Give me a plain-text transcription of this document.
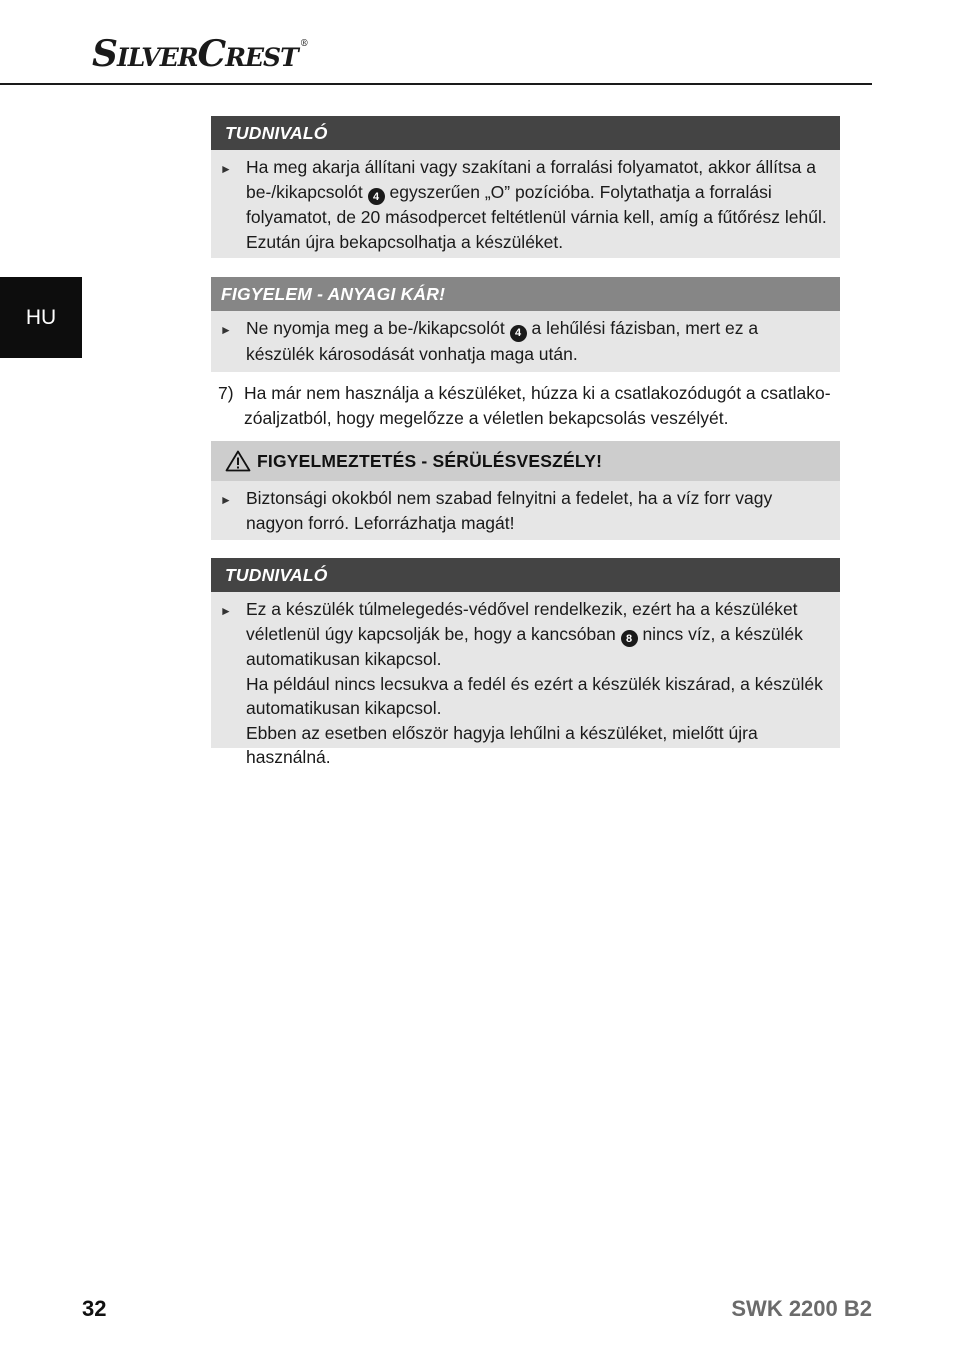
SILVERCREST ®
HU
TUDNIVALÓ
► Ha meg akarja állítani vagy szakítani a forralási folyamatot, akkor állítsa a be-/kikapcsolót 4 egyszerűen „O” pozícióba. Folytathatja a forralási folyamatot, de 20 másodpercet feltétlenül várnia kell, amíg a fűtőrész lehűl. Ezután újra bekapcsolhatja a készüléket.

FIGYELEM - ANYAGI KÁR!
► Ne nyomja meg a be-/kikapcsolót 4 a lehűlési fázisban, mert ez a készülék károsodását vonhatja maga után.

7) Ha már nem használja a készüléket, húzza ki a csatlakozódugót a csatlako-zóaljzatból, hogy megelőzze a véletlen bekapcsolás veszélyét.
FIGYELMEZTETÉS - SÉRÜLÉSVESZÉLY!
► Biztonsági okokból nem szabad felnyitni a fedelet, ha a víz forr vagy nagyon forró. Leforrázhatja magát!

TUDNIVALÓ
► Ez a készülék túlmelegedés-védővel rendelkezik, ezért ha a készüléket véletlenül úgy kapcsolják be, hogy a kancsóban 8 nincs víz, a készülék automatikusan kikapcsol.

Ha például nincs lecsukva a fedél és ezért a készülék kiszárad, a készülék automatikusan kikapcsol.

Ebben az esetben először hagyja lehűlni a készüléket, mielőtt újra használná.

32	SWK 2200 B2
